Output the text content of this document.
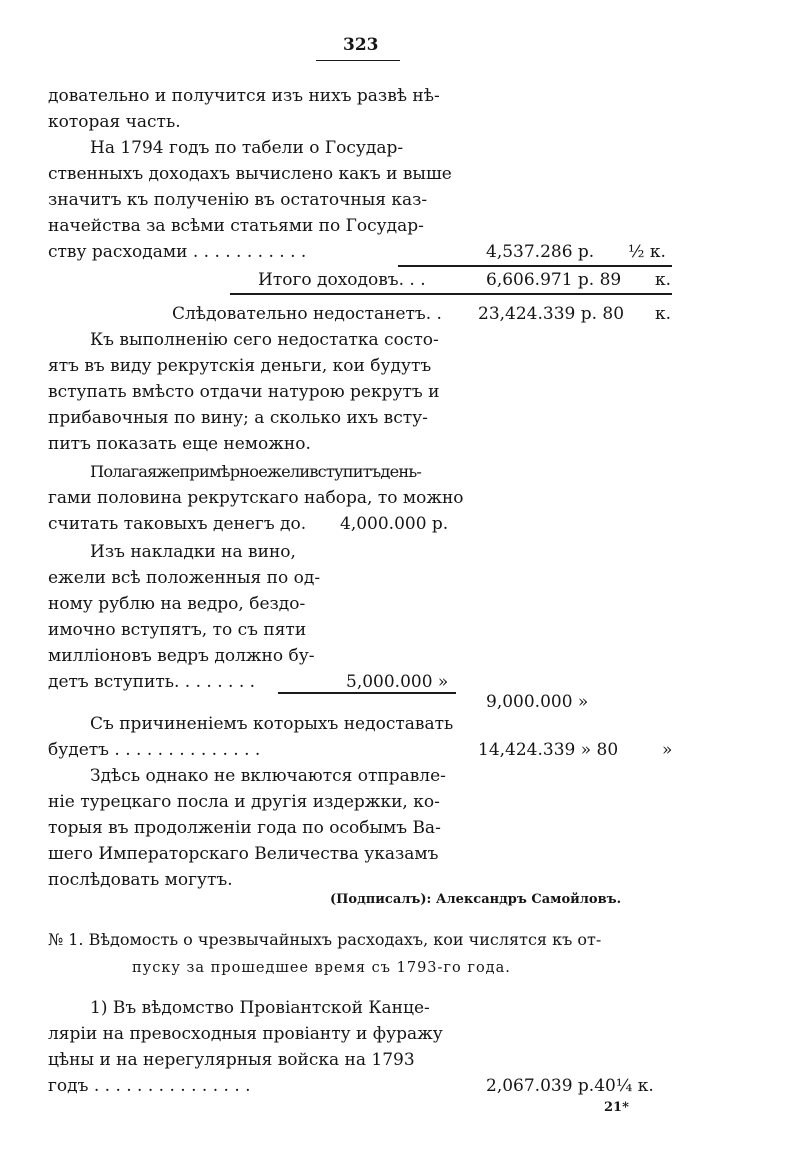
323
довательно и получится изъ нихъ развѣ нѣ-
которая часть.
На 1794 годъ по табели о Государ-
ственныхъ доходахъ вычислено какъ и выше
значитъ къ полученію въ остаточныя каз-
начейства за всѣми статьями по Государ-
ству расходами . . . . . . . . . . .	4,537.286 р. ½ к.
Итого доходовъ. . .	6,606.971 р. 89 к.
Слѣдовательно недостанетъ. . 23,424.339 р. 80 к.
Къ выполненію сего недостатка состо-
ятъ въ виду рекрутскія деньги, кои будутъ
вступать вмѣсто отдачи натурою рекрутъ и
прибавочныя по вину; а сколько ихъ всту-
питъ показать еще неможно.
Полагаяжепримѣрноежеливступитъдень-
гами половина рекрутскаго набора, то можно
считать таковыхъ денегъ до. 4,000.000 р.
Изъ накладки на вино,
ежели всѣ положенныя по од-
ному рублю на ведро, бездо-
имочно вступятъ, то съ пяти
милліоновъ ведръ должно бу-
детъ вступить. . . . . . . .	5,000.000 »
9,000.000 »
Съ причиненіемъ которыхъ недоставать
будетъ . . . . . . . . . . . . . .	14,424.339 » 80	»
Здѣсь однако не включаются отправле-
ніе турецкаго посла и другія издержки, ко-
торыя въ продолженіи года по особымъ Ва-
шего Императорскаго Величества указамъ
послѣдовать могутъ.
(Подписалъ): Александръ Самойловъ.
№ 1. Вѣдомость о чрезвычайныхъ расходахъ, кои числятся къ от-
пуску за прошедшее время съ 1793-го года.
1) Въ вѣдомство Провіантской Канце-
ляріи на превосходныя провіанту и фуражу
цѣны и на нерегулярныя войска на 1793
годъ . . . . . . . . . . . . . . .	2,067.039 р.40¼ к.
21*
